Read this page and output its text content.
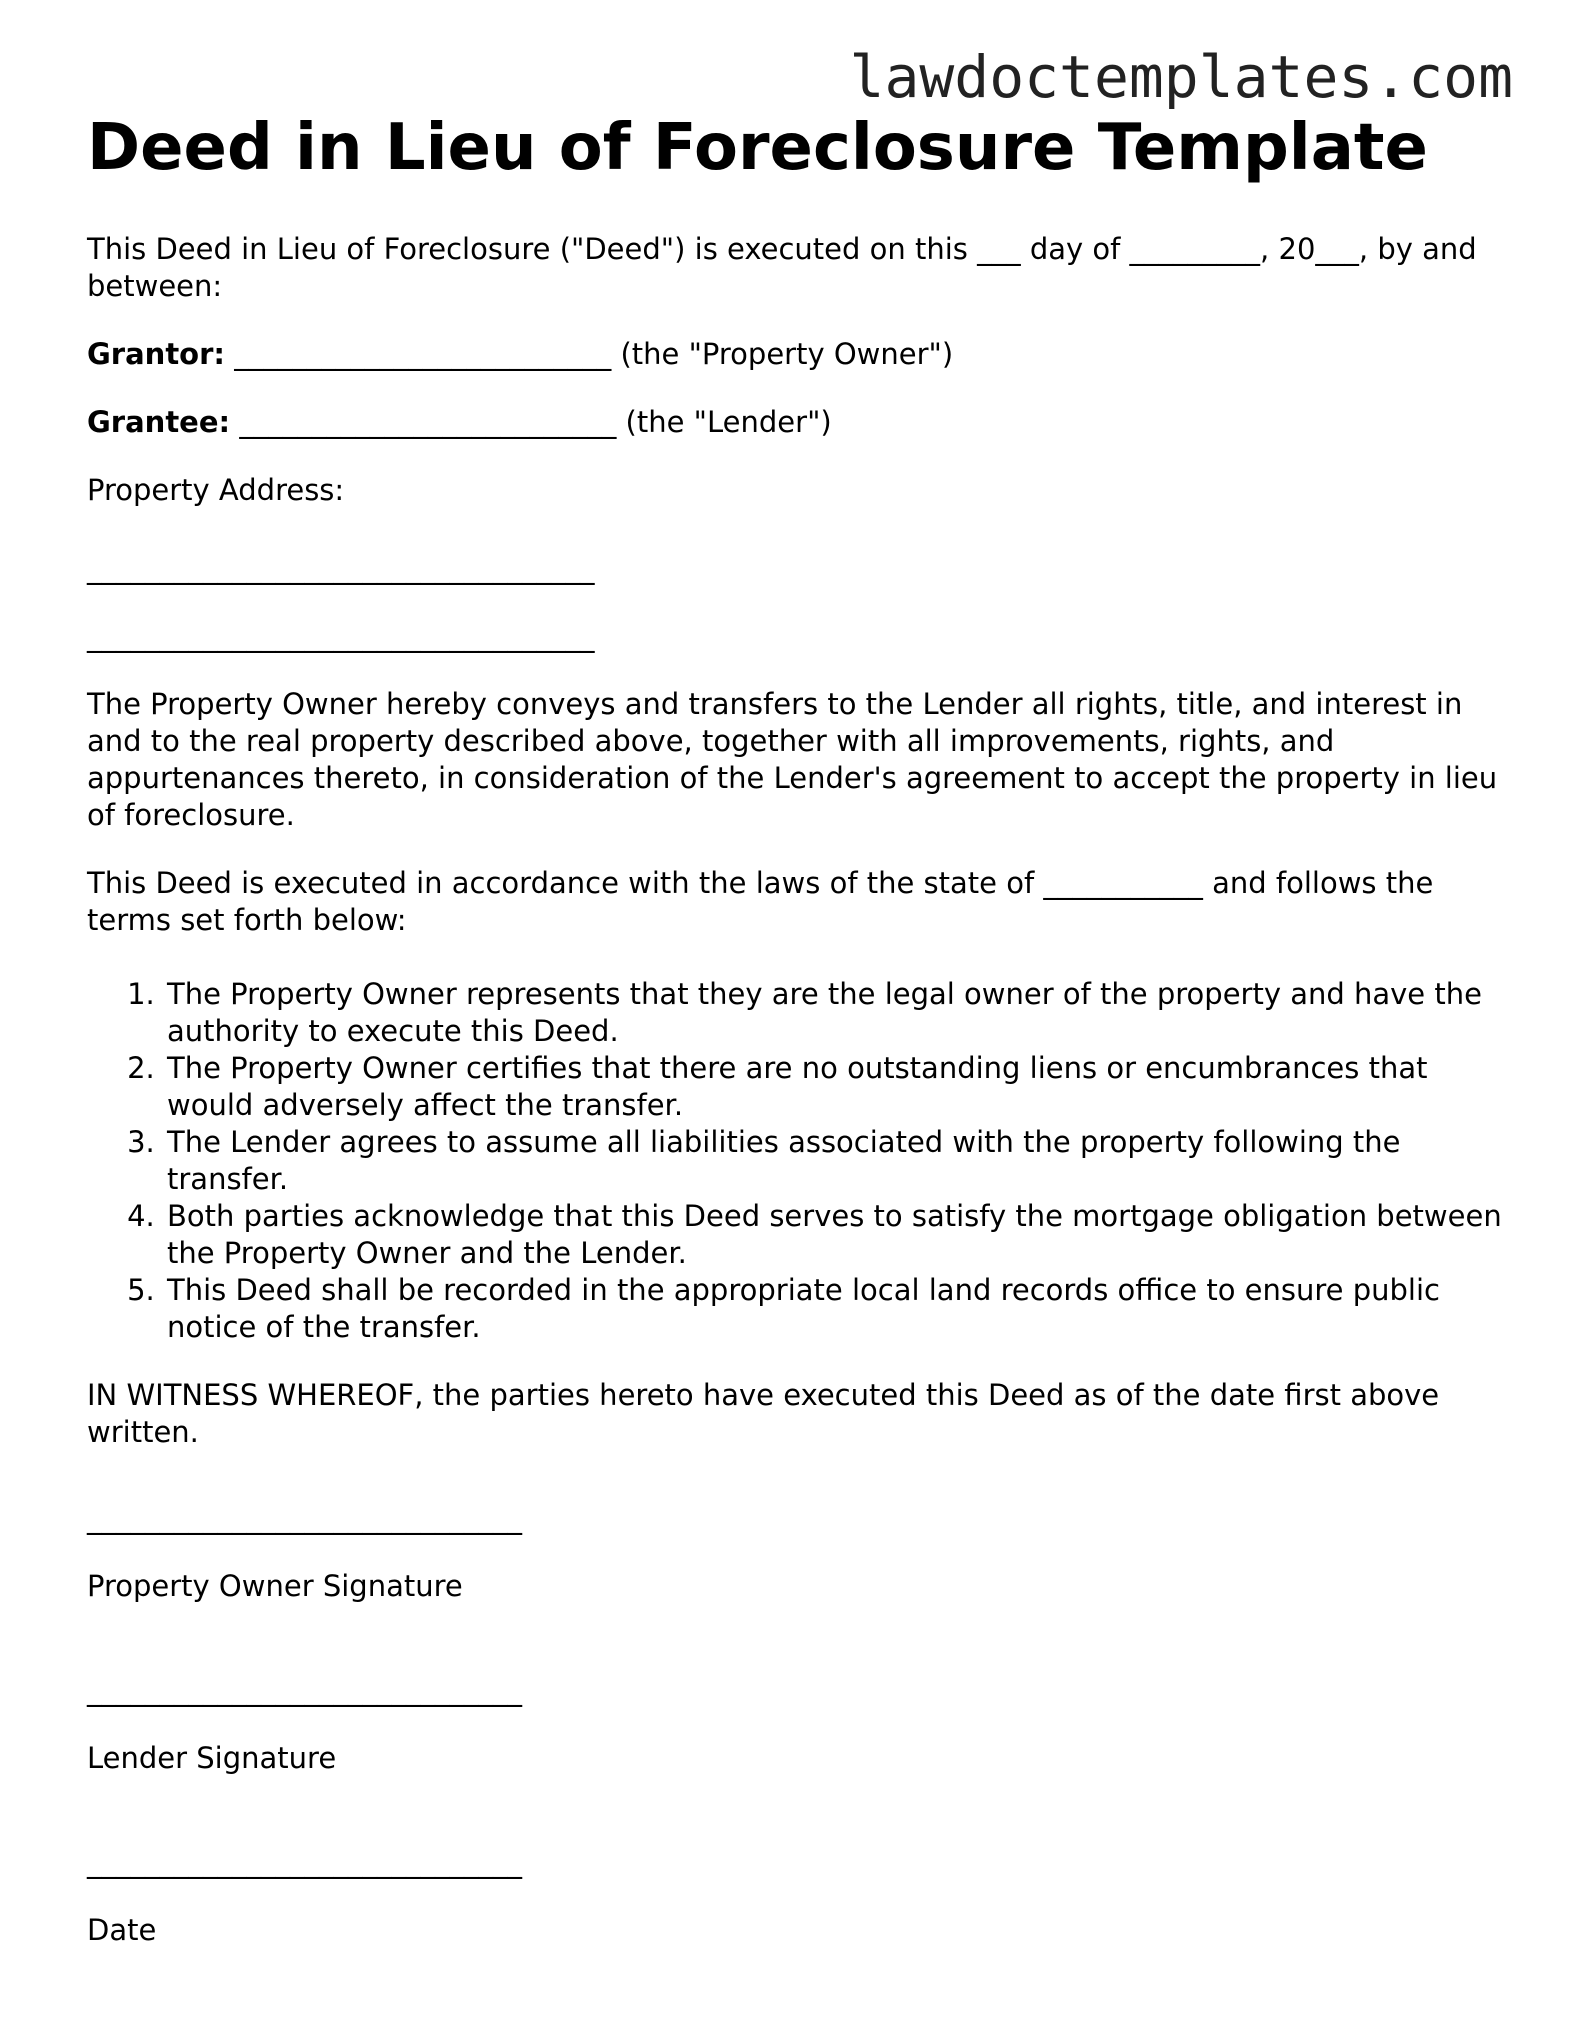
lawdoctemplates.com
Deed in Lieu of Foreclosure Template

This Deed in Lieu of Foreclosure ("Deed") is executed on this ___ day of _________, 20___, by and between:

Grantor: __________________________ (the "Property Owner")

Grantee: __________________________ (the "Lender")

Property Address:

___________________________________
___________________________________

The Property Owner hereby conveys and transfers to the Lender all rights, title, and interest in and to the real property described above, together with all improvements, rights, and appurtenances thereto, in consideration of the Lender's agreement to accept the property in lieu of foreclosure.

This Deed is executed in accordance with the laws of the state of ___________ and follows the terms set forth below:

1. The Property Owner represents that they are the legal owner of the property and have the authority to execute this Deed.
2. The Property Owner certifies that there are no outstanding liens or encumbrances that would adversely affect the transfer.
3. The Lender agrees to assume all liabilities associated with the property following the transfer.
4. Both parties acknowledge that this Deed serves to satisfy the mortgage obligation between the Property Owner and the Lender.
5. This Deed shall be recorded in the appropriate local land records office to ensure public notice of the transfer.

IN WITNESS WHEREOF, the parties hereto have executed this Deed as of the date first above written.

______________________________
Property Owner Signature
______________________________
Lender Signature
______________________________
Date
